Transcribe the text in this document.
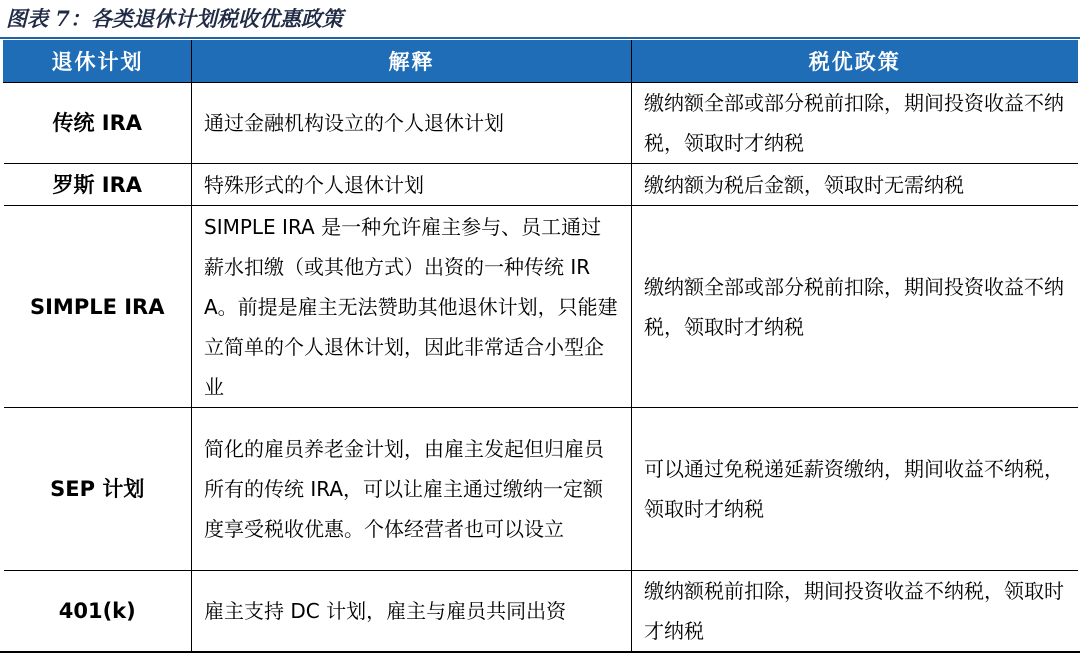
图表 7：各类退休计划税收优惠政策
退休计划	解释	税优政策
传统 IRA	通过金融机构设立的个人退休计划	缴纳额全部或部分税前扣除，期间投资收益不纳税，领取时才纳税
罗斯 IRA	特殊形式的个人退休计划	缴纳额为税后金额，领取时无需纳税
SIMPLE IRA	SIMPLE IRA 是一种允许雇主参与、员工通过薪水扣缴（或其他方式）出资的一种传统 IRA。前提是雇主无法赞助其他退休计划，只能建立简单的个人退休计划，因此非常适合小型企业	缴纳额全部或部分税前扣除，期间投资收益不纳税，领取时才纳税
SEP 计划	简化的雇员养老金计划，由雇主发起但归雇员所有的传统 IRA，可以让雇主通过缴纳一定额度享受税收优惠。个体经营者也可以设立	可以通过免税递延薪资缴纳，期间收益不纳税，领取时才纳税
401(k)	雇主支持 DC 计划，雇主与雇员共同出资	缴纳额税前扣除，期间投资收益不纳税，领取时才纳税
